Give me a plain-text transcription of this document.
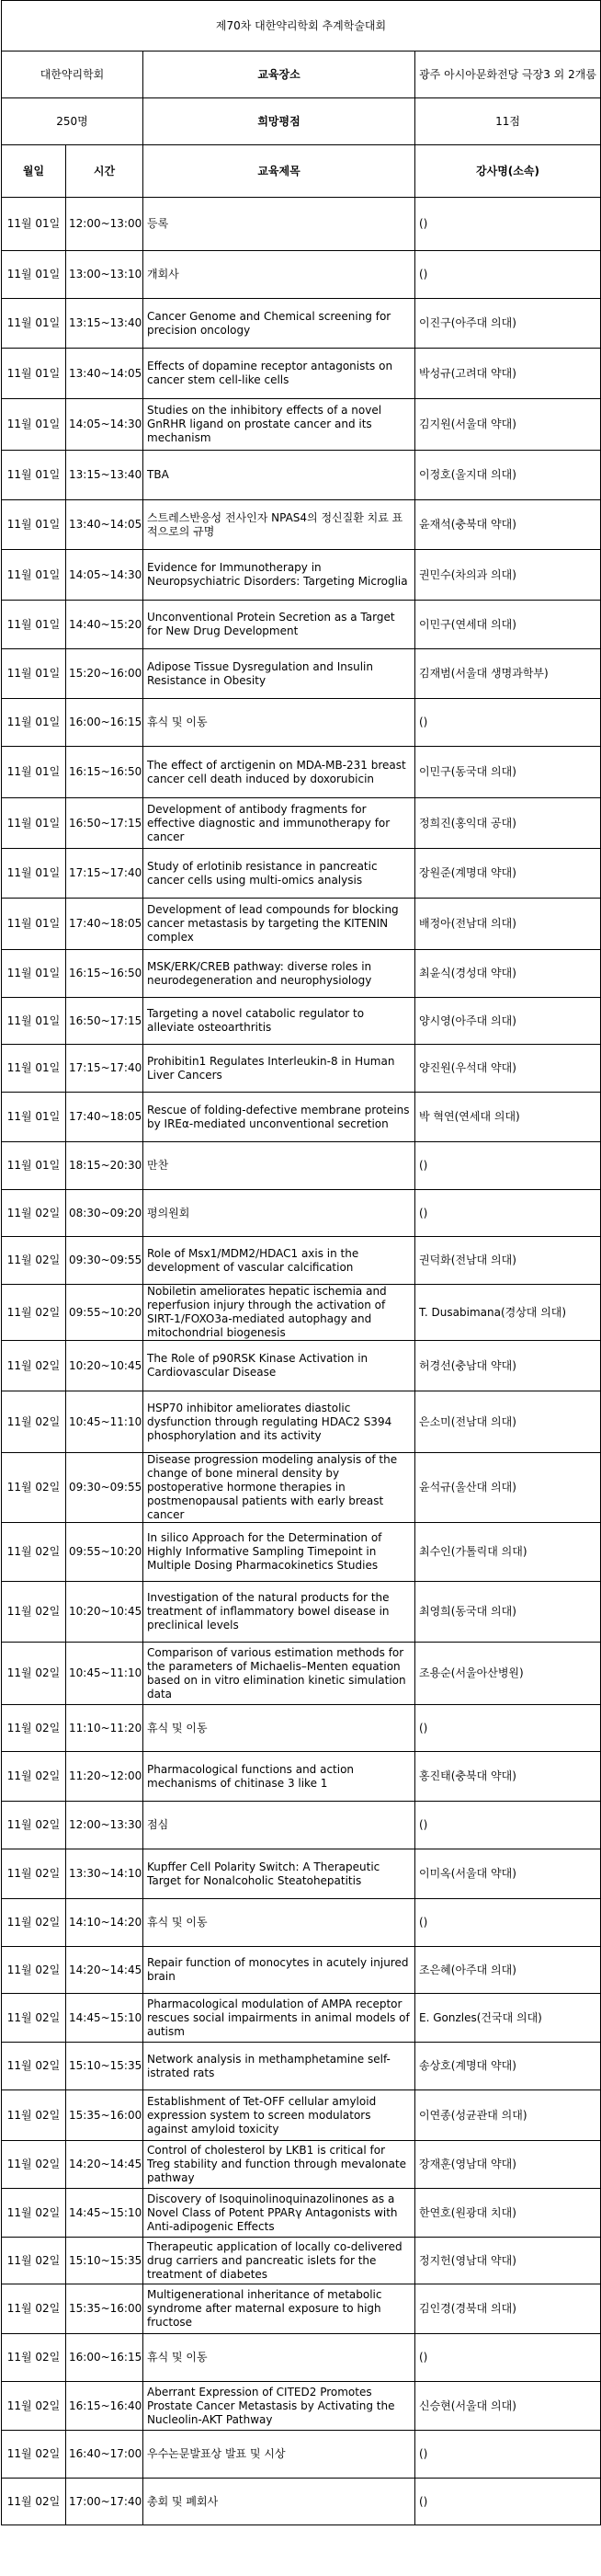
제70차 대한약리학회 추계학술대회			
대한약리학회		교육장소	광주 아시아문화전당 극장3 외 2개룸
250명		희망평점	11점
월일	시간	교육제목	강사명(소속)
11월 01일	12:00~13:00	등록	()
11월 01일	13:00~13:10	개회사	()
11월 01일	13:15~13:40	Cancer Genome and Chemical screening for precision oncology	이진구(아주대 의대)
11월 01일	13:40~14:05	Effects of dopamine receptor antagonists on cancer stem cell-like cells	박성규(고려대 약대)
11월 01일	14:05~14:30	Studies on the inhibitory effects of a novel GnRHR ligand on prostate cancer and its mechanism	김지원(서울대 약대)
11월 01일	13:15~13:40	TBA	이정호(울지대 의대)
11월 01일	13:40~14:05	스트레스반응성 전사인자 NPAS4의 정신질환 치료 표적으로의 규명	윤재석(충북대 약대)
11월 01일	14:05~14:30	Evidence for Immunotherapy in Neuropsychiatric Disorders: Targeting Microglia	권민수(차의과 의대)
11월 01일	14:40~15:20	Unconventional Protein Secretion as a Target for New Drug Development	이민구(연세대 의대)
11월 01일	15:20~16:00	Adipose Tissue Dysregulation and Insulin Resistance in Obesity	김재범(서울대 생명과학부)
11월 01일	16:00~16:15	휴식 및 이동	()
11월 01일	16:15~16:50	The effect of arctigenin on MDA-MB-231 breast cancer cell death induced by doxorubicin	이민구(동국대 의대)
11월 01일	16:50~17:15	Development of antibody fragments for effective diagnostic and immunotherapy for cancer	정희진(홍익대 공대)
11월 01일	17:15~17:40	Study of erlotinib resistance in pancreatic cancer cells using multi-omics analysis	장원준(계명대 약대)
11월 01일	17:40~18:05	Development of lead compounds for blocking cancer metastasis by targeting the KITENIN complex	배정아(전남대 의대)
11월 01일	16:15~16:50	MSK/ERK/CREB pathway: diverse roles in neurodegeneration and neurophysiology	최윤식(경성대 약대)
11월 01일	16:50~17:15	Targeting a novel catabolic regulator to alleviate osteoarthritis	양시영(아주대 의대)
11월 01일	17:15~17:40	Prohibitin1 Regulates Interleukin-8 in Human Liver Cancers	양진원(우석대 약대)
11월 01일	17:40~18:05	Rescue of folding-defective membrane proteins by IREα-mediated unconventional secretion	박 혁연(연세대 의대)
11월 01일	18:15~20:30	만찬	()
11월 02일	08:30~09:20	평의원회	()
11월 02일	09:30~09:55	Role of Msx1/MDM2/HDAC1 axis in the development of vascular calcification	권덕화(전남대 의대)
11월 02일	09:55~10:20	Nobiletin ameliorates hepatic ischemia and reperfusion injury through the activation of SIRT-1/FOXO3a-mediated autophagy and mitochondrial biogenesis	T. Dusabimana(경상대 의대)
11월 02일	10:20~10:45	The Role of p90RSK Kinase Activation in Cardiovascular Disease	허경선(충남대 약대)
11월 02일	10:45~11:10	HSP70 inhibitor ameliorates diastolic dysfunction through regulating HDAC2 S394 phosphorylation and its activity	은소미(전남대 의대)
11월 02일	09:30~09:55	Disease progression modeling analysis of the change of bone mineral density by postoperative hormone therapies in postmenopausal patients with early breast cancer	윤석규(울산대 의대)
11월 02일	09:55~10:20	In silico Approach for the Determination of Highly Informative Sampling Timepoint in Multiple Dosing Pharmacokinetics Studies	최수인(가톨릭대 의대)
11월 02일	10:20~10:45	Investigation of the natural products for the treatment of inflammatory bowel disease in preclinical levels	최영희(동국대 의대)
11월 02일	10:45~11:10	Comparison of various estimation methods for the parameters of Michaelis–Menten equation based on in vitro elimination kinetic simulation data	조용순(서울아산병원)
11월 02일	11:10~11:20	휴식 및 이동	()
11월 02일	11:20~12:00	Pharmacological functions and action mechanisms of chitinase 3 like 1	홍진태(충북대 약대)
11월 02일	12:00~13:30	점심	()
11월 02일	13:30~14:10	Kupffer Cell Polarity Switch: A Therapeutic Target for Nonalcoholic Steatohepatitis	이미옥(서울대 약대)
11월 02일	14:10~14:20	휴식 및 이동	()
11월 02일	14:20~14:45	Repair function of monocytes in acutely injured brain	조은혜(아주대 의대)
11월 02일	14:45~15:10	Pharmacological modulation of AMPA receptor rescues social impairments in animal models of autism	E. Gonzles(건국대 의대)
11월 02일	15:10~15:35	Network analysis in methamphetamine self-istrated rats	송상호(계명대 약대)
11월 02일	15:35~16:00	Establishment of Tet-OFF cellular amyloid expression system to screen modulators against amyloid toxicity	이연종(성균관대 의대)
11월 02일	14:20~14:45	Control of cholesterol by LKB1 is critical for Treg stability and function through mevalonate pathway	장재훈(영남대 약대)
11월 02일	14:45~15:10	Discovery of Isoquinolinoquinazolinones as a Novel Class of Potent PPARγ Antagonists with Anti-adipogenic Effects	한연호(원광대 치대)
11월 02일	15:10~15:35	Therapeutic application of locally co-delivered drug carriers and pancreatic islets for the treatment of diabetes	정지헌(영남대 약대)
11월 02일	15:35~16:00	Multigenerational inheritance of metabolic syndrome after maternal exposure to high fructose	김인경(경북대 의대)
11월 02일	16:00~16:15	휴식 및 이동	()
11월 02일	16:15~16:40	Aberrant Expression of CITED2 Promotes Prostate Cancer Metastasis by Activating the Nucleolin-AKT Pathway	신승현(서울대 의대)
11월 02일	16:40~17:00	우수논문발표상 발표 및 시상	()
11월 02일	17:00~17:40	총회 및 폐회사	()
